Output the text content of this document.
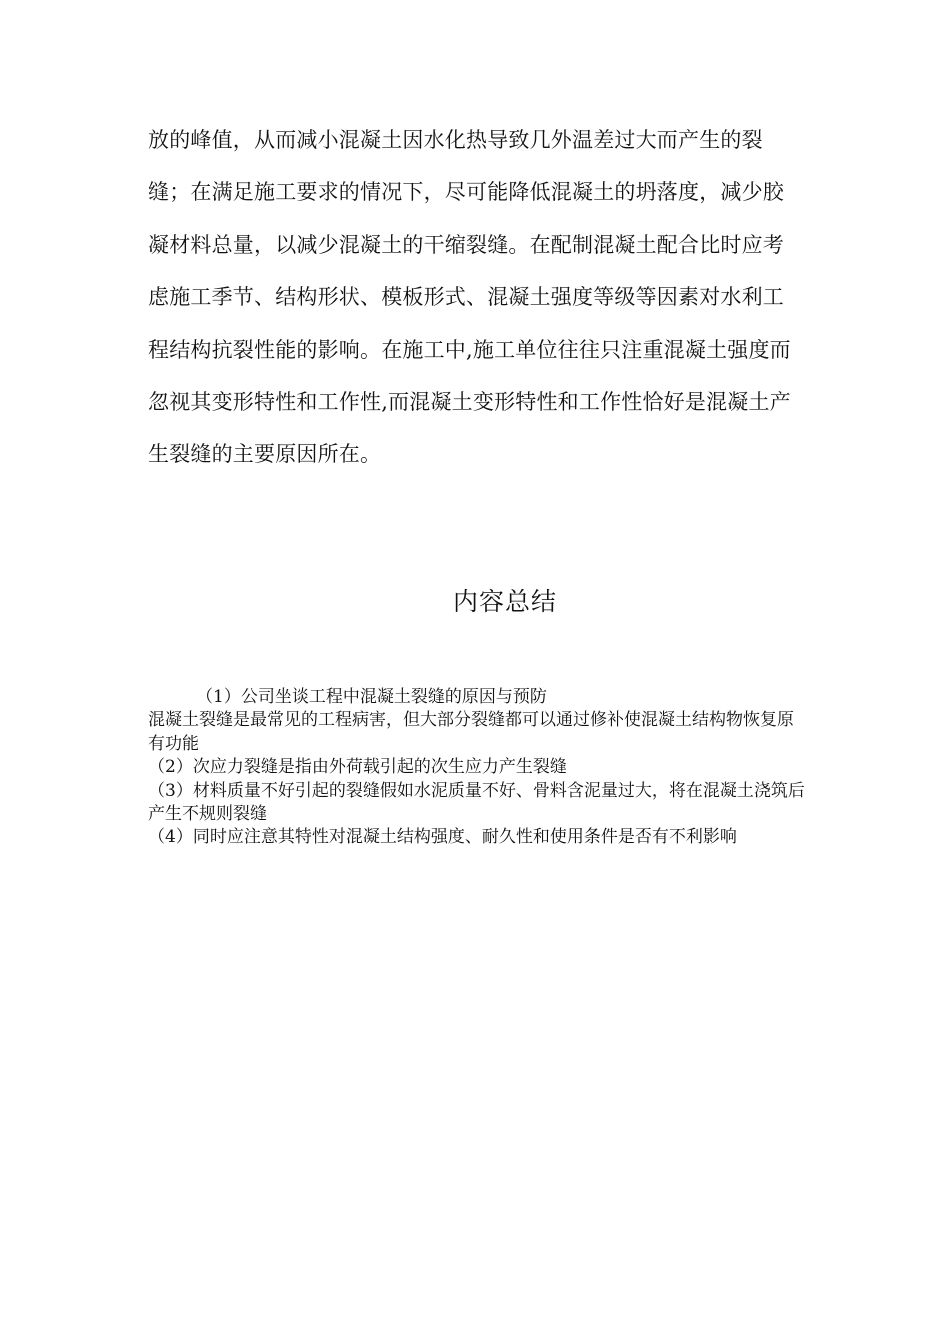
放的峰值，从而减小混凝土因水化热导致几外温差过大而产生的裂缝；在满足施工要求的情况下，尽可能降低混凝土的坍落度，减少胶凝材料总量，以减少混凝土的干缩裂缝。在配制混凝土配合比时应考虑施工季节、结构形状、模板形式、混凝土强度等级等因素对水利工程结构抗裂性能的影响。在施工中,施工单位往往只注重混凝土强度而忽视其变形特性和工作性,而混凝土变形特性和工作性恰好是混凝土产生裂缝的主要原因所在。

内容总结
（1）公司坐谈工程中混凝土裂缝的原因与预防
混凝土裂缝是最常见的工程病害，但大部分裂缝都可以通过修补使混凝土结构物恢复原有功能
（2）次应力裂缝是指由外荷载引起的次生应力产生裂缝
（3）材料质量不好引起的裂缝假如水泥质量不好、骨料含泥量过大，将在混凝土浇筑后产生不规则裂缝
（4）同时应注意其特性对混凝土结构强度、耐久性和使用条件是否有不利影响
